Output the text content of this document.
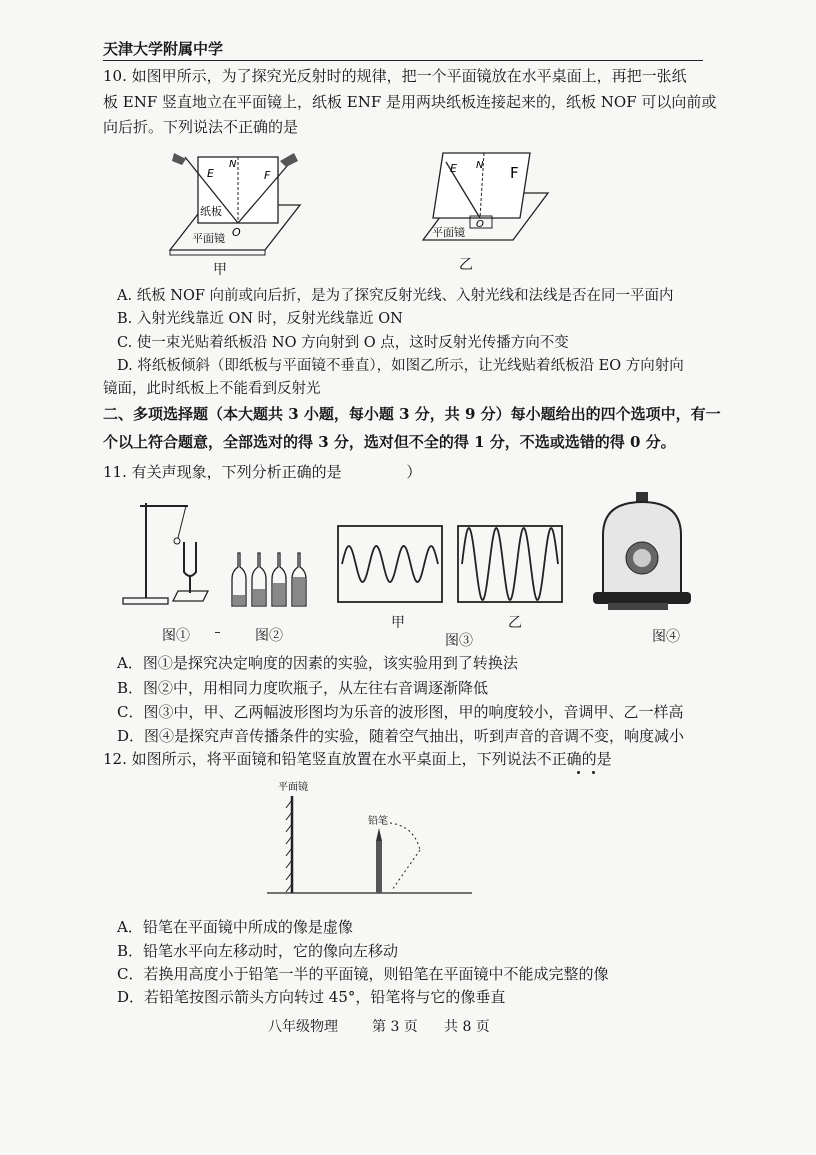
天津大学附属中学
10. 如图甲所示，为了探究光反射时的规律，把一个平面镜放在水平桌面上，再把一张纸
板 ENF 竖直地立在平面镜上，纸板 ENF 是用两块纸板连接起来的，纸板 NOF 可以向前或
向后折。下列说法不正确的是
E
N
F
O
纸板
平面镜
甲
E N F
O
平面镜
乙
A. 纸板 NOF 向前或向后折，是为了探究反射光线、入射光线和法线是否在同一平面内
B. 入射光线靠近 ON 时，反射光线靠近 ON
C. 使一束光贴着纸板沿 NO 方向射到 O 点，这时反射光传播方向不变
D. 将纸板倾斜（即纸板与平面镜不垂直），如图乙所示，让光线贴着纸板沿 EO 方向射向
镜面，此时纸板上不能看到反射光
二、多项选择题（本大题共 3 小题，每小题 3 分，共 9 分）每小题给出的四个选项中，有一
个以上符合题意，全部选对的得 3 分，选对但不全的得 1 分，不选或选错的得 0 分。
11. 有关声现象，下列分析正确的是　　　　 ）
图①	图②
甲	乙
图③	图④
A．图①是探究决定响度的因素的实验，该实验用到了转换法
B．图②中，用相同力度吹瓶子，从左往右音调逐渐降低
C．图③中，甲、乙两幅波形图均为乐音的波形图，甲的响度较小，音调甲、乙一样高
D．图④是探究声音传播条件的实验，随着空气抽出，听到声音的音调不变，响度减小
12. 如图所示，将平面镜和铅笔竖直放置在水平桌面上，下列说法不正确的是
平面镜
铅笔
A．铅笔在平面镜中所成的像是虚像
B．铅笔水平向左移动时，它的像向左移动
C．若换用高度小于铅笔一半的平面镜，则铅笔在平面镜中不能成完整的像
D．若铅笔按图示箭头方向转过 45°，铅笔将与它的像垂直
八年级物理 第 3 页 共 8 页
